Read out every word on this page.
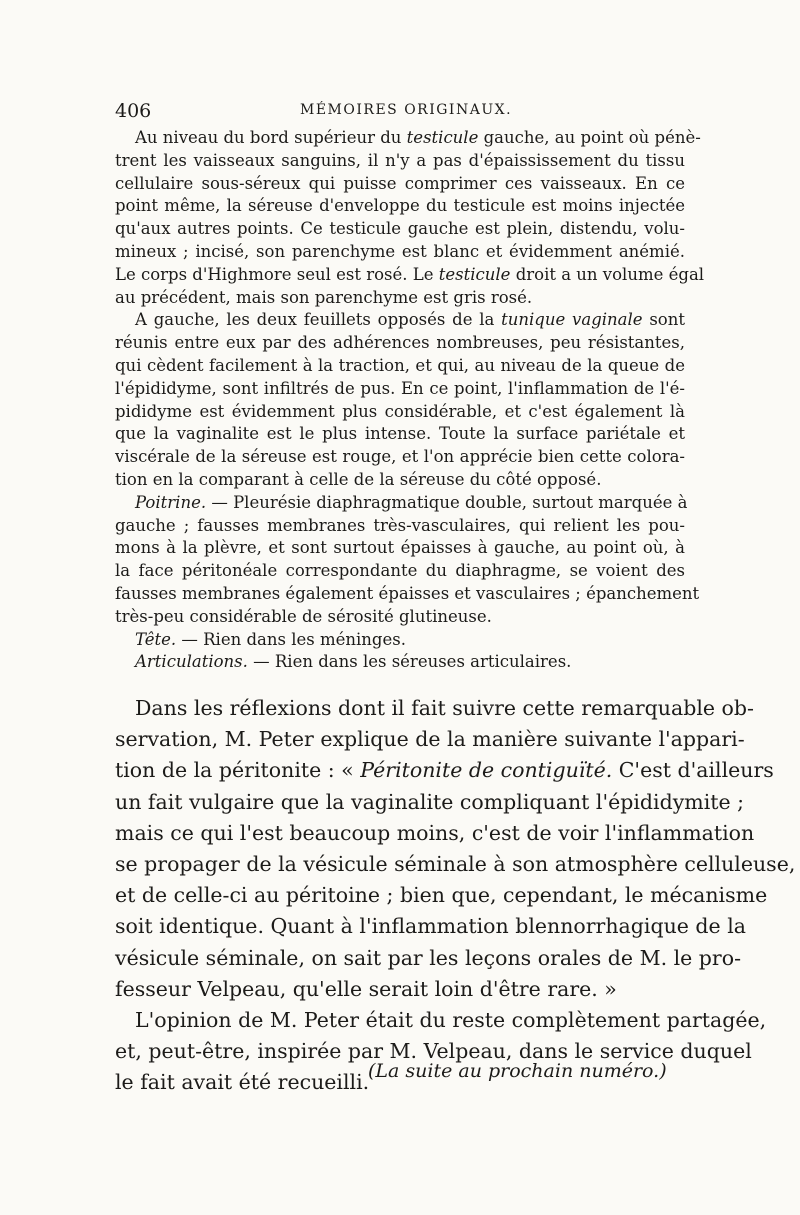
406	MÉMOIRES ORIGINAUX.
Au niveau du bord supérieur du testicule gauche, au point où pénè-
trent les vaisseaux sanguins, il n'y a pas d'épaississement du tissu
cellulaire sous-séreux qui puisse comprimer ces vaisseaux. En ce
point même, la séreuse d'enveloppe du testicule est moins injectée
qu'aux autres points. Ce testicule gauche est plein, distendu, volu-
mineux ; incisé, son parenchyme est blanc et évidemment anémié.
Le corps d'Highmore seul est rosé. Le testicule droit a un volume égal
au précédent, mais son parenchyme est gris rosé.
A gauche, les deux feuillets opposés de la tunique vaginale sont
réunis entre eux par des adhérences nombreuses, peu résistantes,
qui cèdent facilement à la traction, et qui, au niveau de la queue de
l'épididyme, sont infiltrés de pus. En ce point, l'inflammation de l'é-
pididyme est évidemment plus considérable, et c'est également là
que la vaginalite est le plus intense. Toute la surface pariétale et
viscérale de la séreuse est rouge, et l'on apprécie bien cette colora-
tion en la comparant à celle de la séreuse du côté opposé.
Poitrine. — Pleurésie diaphragmatique double, surtout marquée à
gauche ; fausses membranes très-vasculaires, qui relient les pou-
mons à la plèvre, et sont surtout épaisses à gauche, au point où, à
la face péritonéale correspondante du diaphragme, se voient des
fausses membranes également épaisses et vasculaires ; épanchement
très-peu considérable de sérosité glutineuse.
Tête. — Rien dans les méninges.
Articulations. — Rien dans les séreuses articulaires.
Dans les réflexions dont il fait suivre cette remarquable ob-
servation, M. Peter explique de la manière suivante l'appari-
tion de la péritonite : « Péritonite de contiguïté. C'est d'ailleurs
un fait vulgaire que la vaginalite compliquant l'épididymite ;
mais ce qui l'est beaucoup moins, c'est de voir l'inflammation
se propager de la vésicule séminale à son atmosphère celluleuse,
et de celle-ci au péritoine ; bien que, cependant, le mécanisme
soit identique. Quant à l'inflammation blennorrhagique de la
vésicule séminale, on sait par les leçons orales de M. le pro-
fesseur Velpeau, qu'elle serait loin d'être rare. »
L'opinion de M. Peter était du reste complètement partagée,
et, peut-être, inspirée par M. Velpeau, dans le service duquel
le fait avait été recueilli.
(La suite au prochain numéro.)
